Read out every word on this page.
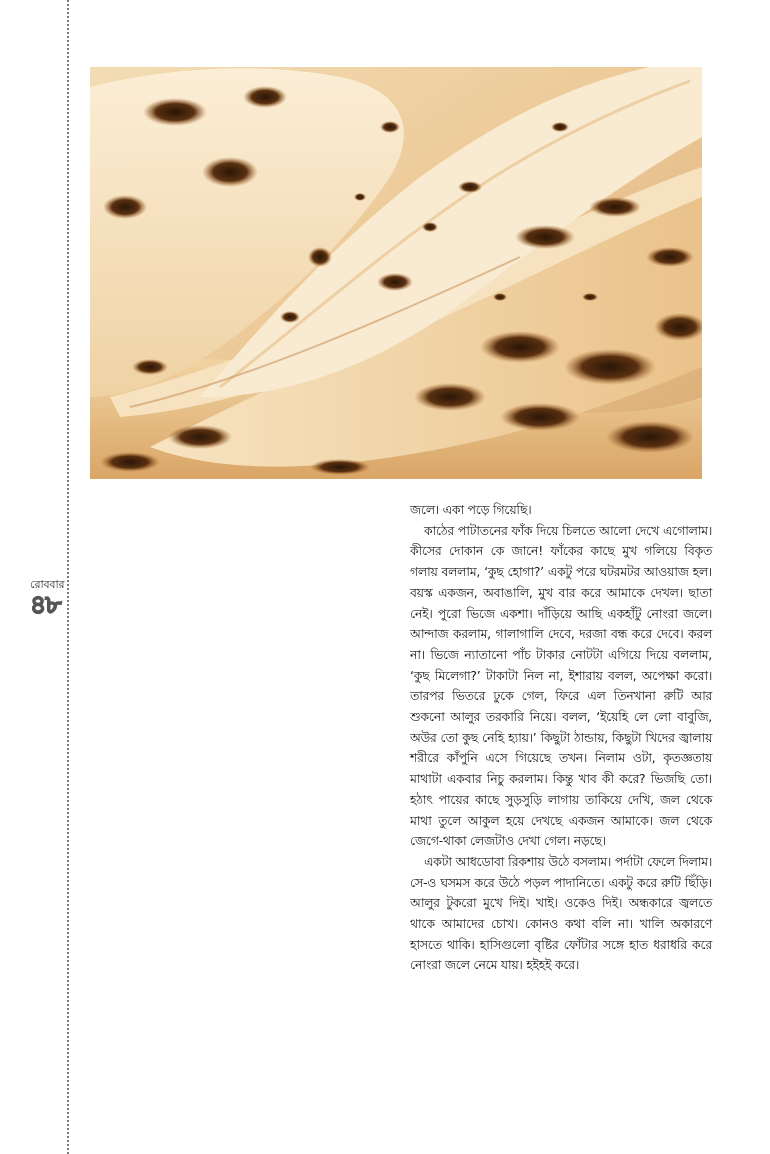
রোববার
৪৮

জলে। একা পড়ে গিয়েছি।

কাঠের পাটাতনের ফাঁক দিয়ে চিলতে আলো দেখে এগোলাম। কীসের দোকান কে জানে! ফাঁকের কাছে মুখ গলিয়ে বিকৃত গলায় বললাম, ‘কুছ হোগা?’ একটু পরে ঘটরমটর আওয়াজ হল। বয়স্ক একজন, অবাঙালি, মুখ বার করে আমাকে দেখল। ছাতা নেই। পুরো ভিজে একশা। দাঁড়িয়ে আছি একহাঁটু নোংরা জলে। আন্দাজ করলাম, গালাগালি দেবে, দরজা বন্ধ করে দেবে। করল না। ভিজে ন্যাতানো পাঁচ টাকার নোটটা এগিয়ে দিয়ে বললাম, ‘কুছ মিলেগা?’ টাকাটা নিল না, ইশারায় বলল, অপেক্ষা করো। তারপর ভিতরে ঢুকে গেল, ফিরে এল তিনখানা রুটি আর শুকনো আলুর তরকারি নিয়ে। বলল, ‘ইয়েহি লে লো বাবুজি, অউর তো কুছ নেহি হ্যায়।’ কিছুটা ঠান্ডায়, কিছুটা খিদের জ্বালায় শরীরে কাঁপুনি এসে গিয়েছে তখন। নিলাম ওটা, কৃতজ্ঞতায় মাথাটা একবার নিচু করলাম। কিন্তু খাব কী করে? ভিজছি তো। হঠাৎ পায়ের কাছে সুড়সুড়ি লাগায় তাকিয়ে দেখি, জল থেকে মাথা তুলে আকুল হয়ে দেখছে একজন আমাকে। জল থেকে জেগে-থাকা লেজটাও দেখা গেল। নড়ছে।

একটা আধডোবা রিকশায় উঠে বসলাম। পর্দাটা ফেলে দিলাম। সে-ও ঘসমস করে উঠে পড়ল পাদানিতে। একটু করে রুটি ছিঁড়ি। আলুর টুকরো মুখে দিই। খাই। ওকেও দিই। অন্ধকারে জ্বলতে থাকে আমাদের চোখ। কোনও কথা বলি না। খালি অকারণে হাসতে থাকি। হাসিগুলো বৃষ্টির ফোঁটার সঙ্গে হাত ধরাধরি করে নোংরা জলে নেমে যায়। হইহই করে।
